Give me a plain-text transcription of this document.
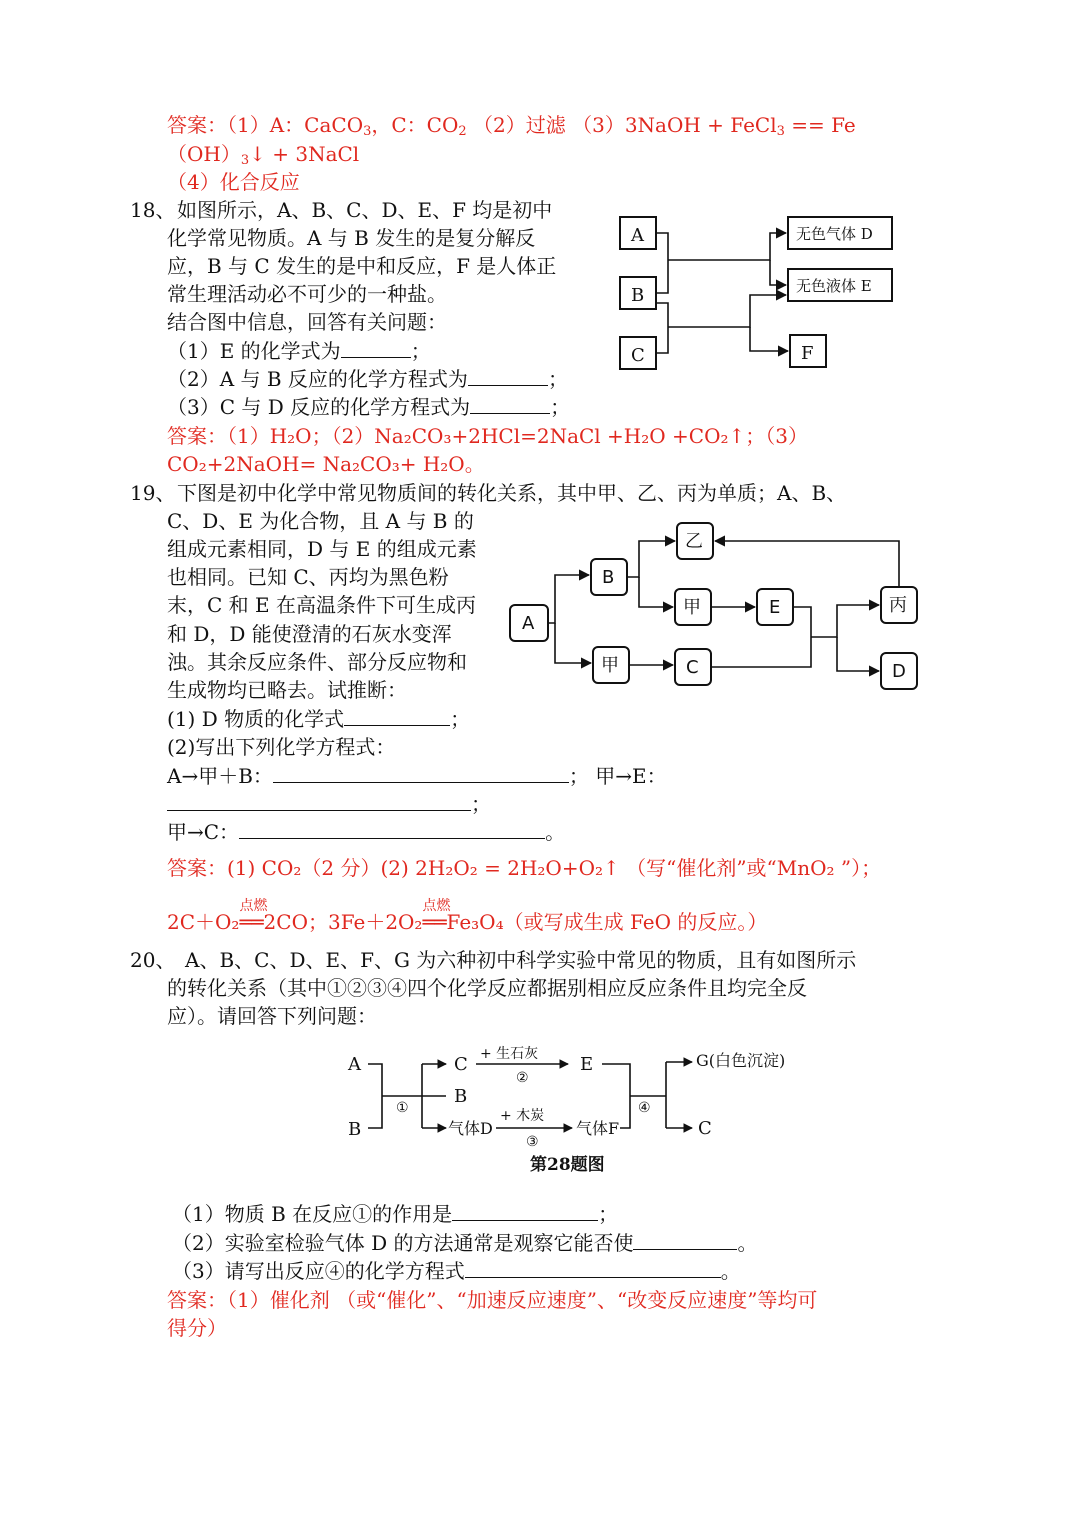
答案：（1）A：CaCO$_3$，C：$CO_2$ （2）过滤 （3）3NaOH + FeCl$_3$ == Fe
$(OH)_3↓$ + 3NaCl
（4）化合反应
18、 如图所示，A、B、C、D、E、F 均是初中
化学常见物质。A 与 B 发生的是复分解反
应，B 与 C 发生的是中和反应，F 是人体正
常生理活动必不可少的一种盐。
结合图中信息，回答有关问题：
（1）E 的化学式为	；
（2）A 与 B 反应的化学方程式为	；
（3）C 与 D 反应的化学方程式为	；
答案：（1）H₂O；（2）Na₂CO₃+2HCl=2NaCl +H₂O +CO₂↑；（3）
CO₂+2NaOH= Na₂CO₃+ H₂O。
A
B
C
无色气体 D
无色液体 E
F
19、 下图是初中化学中常见物质间的转化关系，其中甲、乙、丙为单质；A、B、
C、D、E 为化合物，且 A 与 B 的
组成元素相同，D 与 E 的组成元素
也相同。已知 C、丙均为黑色粉
末，C 和 E 在高温条件下可生成丙
和 D，D 能使澄清的石灰水变浑
浊。其余反应条件、部分反应物和
生成物均已略去。试推断：
(1) D 物质的化学式	；
(2)写出下列化学方程式：
A→甲＋B：	； 甲→E：
；
甲→C：	。
答案：(1) CO₂（2 分）(2) 2H₂O₂ = 2H₂O+O₂↑ （写“催化剂”或“MnO₂ ”）；
2C＋O₂
点燃
══2CO；3Fe＋2O₂
点燃
══Fe₃O₄（或写成生成 FeO 的反应。）
A
B
甲
乙
甲	E
C
丙
D
20、 A、B、C、D、E、F、G 为六种初中科学实验中常见的物质，且有如图所示
的转化关系（其中①②③④四个化学反应都据别相应反应条件且均完全反
应）。请回答下列问题：
A
B
①
C
B
气体D
+ 生石灰
②
E
+ 木炭
③
气体F
④
G(白色沉淀)
C
第28题图
（1）物质 B 在反应①的作用是	；
（2）实验室检验气体 D 的方法通常是观察它能否使	。
（3）请写出反应④的化学方程式	。
答案：（1）催化剂 （或“催化”、“加速反应速度”、“改变反应速度”等均可
得分）
